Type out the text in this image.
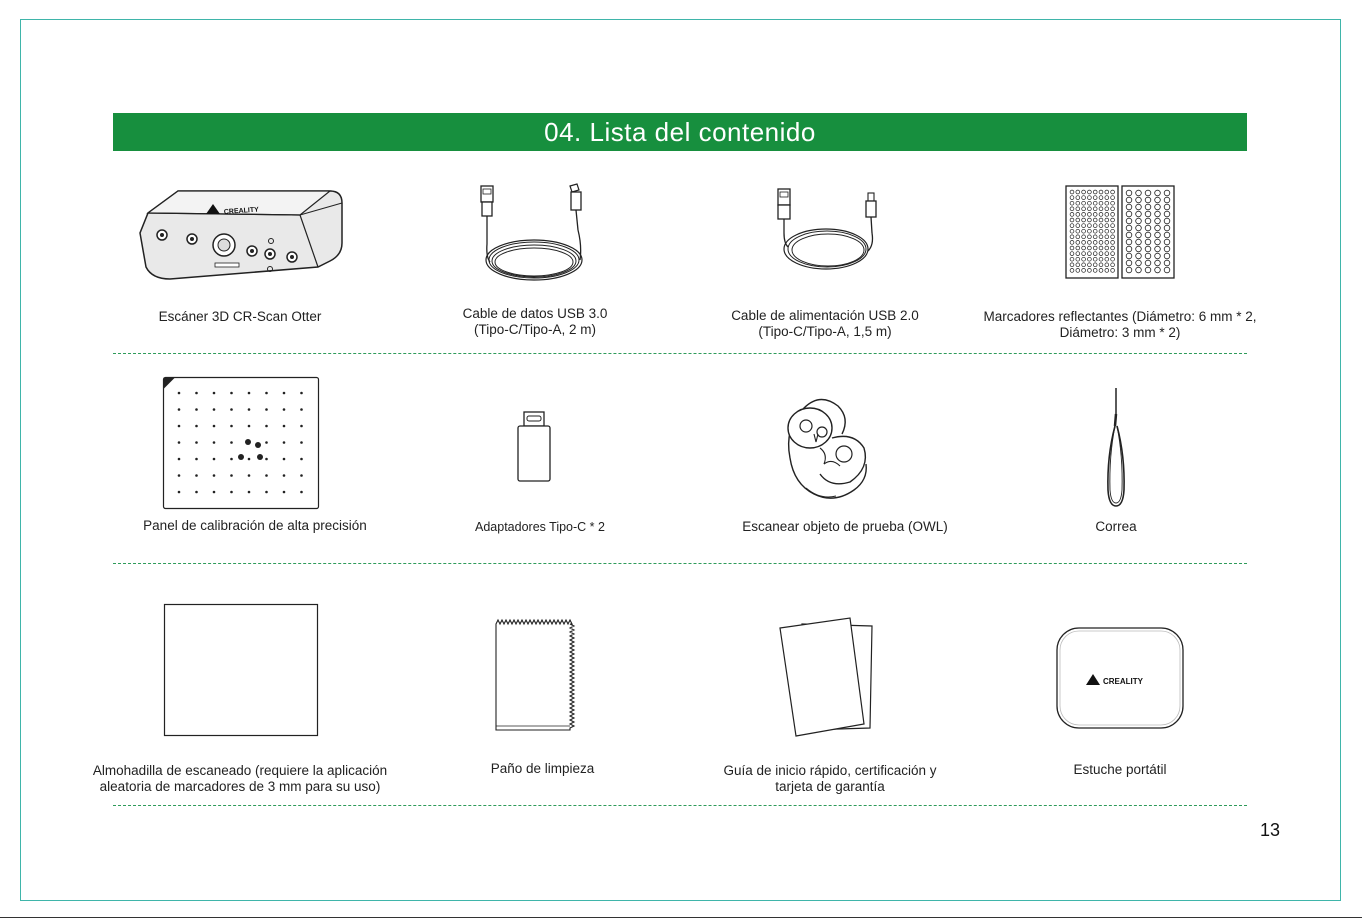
04. Lista del contenido
CREALITY
Escáner 3D CR-Scan Otter	Cable de datos USB 3.0
(Tipo-C/Tipo-A, 2 m)
Cable de alimentación USB 2.0
(Tipo-C/Tipo-A, 1,5 m)
Marcadores reflectantes (Diámetro: 6 mm * 2,
Diámetro: 3 mm * 2)
Panel de calibración de alta precisión	Adaptadores Tipo-C * 2	Escanear objeto de prueba (OWL)	Correa
CREALITY
Almohadilla de escaneado (requiere la aplicación
aleatoria de marcadores de 3 mm para su uso)
Paño de limpieza	Guía de inicio rápido, certificación y
tarjeta de garantía
Estuche portátil
13
